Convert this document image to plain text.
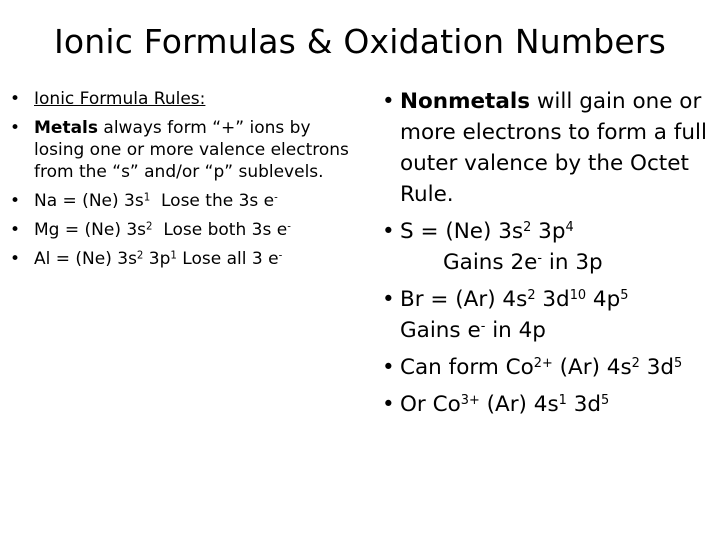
Ionic Formulas & Oxidation Numbers
• Ionic Formula Rules:
• Metals always form “+” ions by losing one or more valence electrons from the “s” and/or “p” sublevels.
• Na = (Ne) $3s^1$  Lose the 3s e-
• Mg = (Ne) $3s^2$  Lose both 3s e-
• Al = (Ne) $3s^2$ $3p^1$ Lose all 3 e-
• Nonmetals will gain one or more electrons to form a full outer valence by the Octet Rule.
• S = (Ne) $3s^2$ $3p^4$
Gains 2e- in 3p
• Br = (Ar) $4s^2$ $3d^{10}$ $4p^5$
Gains e- in 4p
• Can form $Co^{2+}$ (Ar) $4s^2$ $3d^5$
• Or $Co^{3+}$ (Ar) $4s^1$ $3d^5$
